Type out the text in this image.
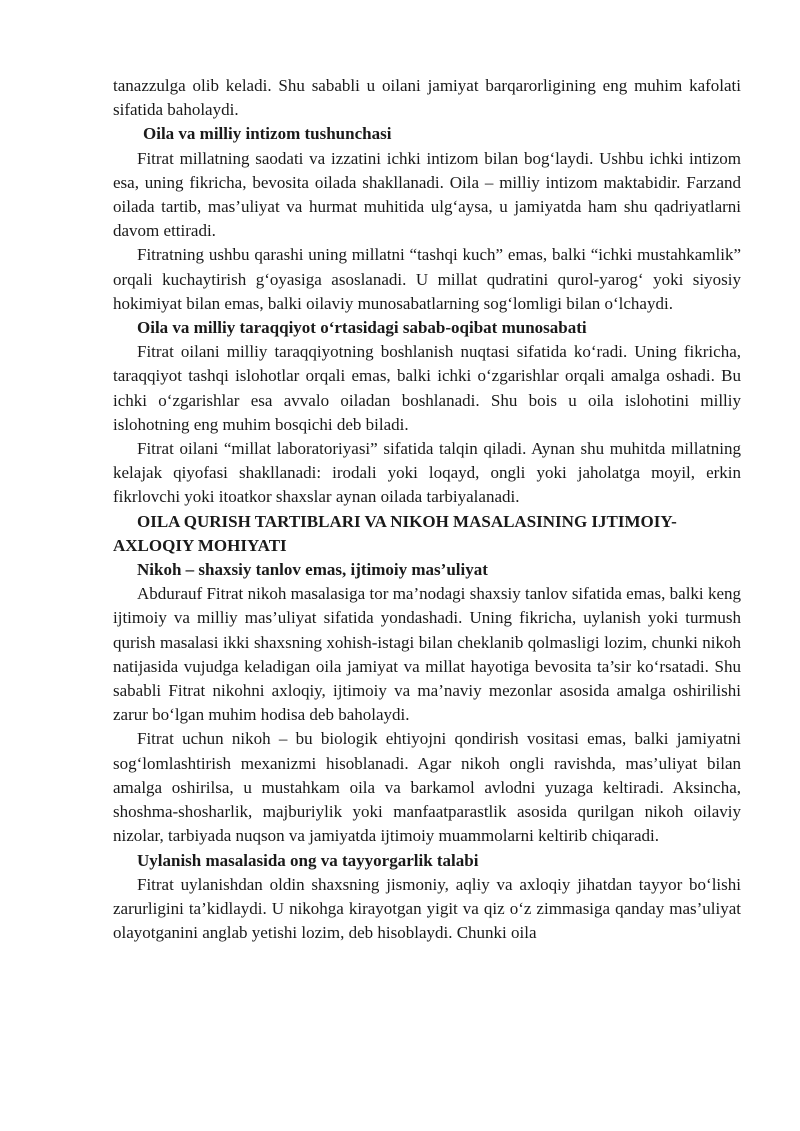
tanazzulga olib keladi. Shu sababli u oilani jamiyat barqarorligining eng muhim kafolati sifatida baholaydi.

Oila va milliy intizom tushunchasi

Fitrat millatning saodati va izzatini ichki intizom bilan bog‘laydi. Ushbu ichki intizom esa, uning fikricha, bevosita oilada shakllanadi. Oila – milliy intizom maktabidir. Farzand oilada tartib, mas’uliyat va hurmat muhitida ulg‘aysa, u jamiyatda ham shu qadriyatlarni davom ettiradi.

Fitratning ushbu qarashi uning millatni “tashqi kuch” emas, balki “ichki mustahkamlik” orqali kuchaytirish g‘oyasiga asoslanadi. U millat qudratini qurol-yarog‘ yoki siyosiy hokimiyat bilan emas, balki oilaviy munosabatlarning sog‘lomligi bilan o‘lchaydi.

Oila va milliy taraqqiyot o‘rtasidagi sabab-oqibat munosabati

Fitrat oilani milliy taraqqiyotning boshlanish nuqtasi sifatida ko‘radi. Uning fikricha, taraqqiyot tashqi islohotlar orqali emas, balki ichki o‘zgarishlar orqali amalga oshadi. Bu ichki o‘zgarishlar esa avvalo oiladan boshlanadi. Shu bois u oila islohotini milliy islohotning eng muhim bosqichi deb biladi.

Fitrat oilani “millat laboratoriyasi” sifatida talqin qiladi. Aynan shu muhitda millatning kelajak qiyofasi shakllanadi: irodali yoki loqayd, ongli yoki jaholatga moyil, erkin fikrlovchi yoki itoatkor shaxslar aynan oilada tarbiyalanadi.

OILA QURISH TARTIBLARI VA NIKOH MASALASINING IJTIMOIY-AXLOQIY MOHIYATI

Nikoh – shaxsiy tanlov emas, ijtimoiy mas’uliyat

Abdurauf Fitrat nikoh masalasiga tor ma’nodagi shaxsiy tanlov sifatida emas, balki keng ijtimoiy va milliy mas’uliyat sifatida yondashadi. Uning fikricha, uylanish yoki turmush qurish masalasi ikki shaxsning xohish-istagi bilan cheklanib qolmasligi lozim, chunki nikoh natijasida vujudga keladigan oila jamiyat va millat hayotiga bevosita ta’sir ko‘rsatadi. Shu sababli Fitrat nikohni axloqiy, ijtimoiy va ma’naviy mezonlar asosida amalga oshirilishi zarur bo‘lgan muhim hodisa deb baholaydi.

Fitrat uchun nikoh – bu biologik ehtiyojni qondirish vositasi emas, balki jamiyatni sog‘lomlashtirish mexanizmi hisoblanadi. Agar nikoh ongli ravishda, mas’uliyat bilan amalga oshirilsa, u mustahkam oila va barkamol avlodni yuzaga keltiradi. Aksincha, shoshma-shosharlik, majburiylik yoki manfaatparastlik asosida qurilgan nikoh oilaviy nizolar, tarbiyada nuqson va jamiyatda ijtimoiy muammolarni keltirib chiqaradi.

Uylanish masalasida ong va tayyorgarlik talabi

Fitrat uylanishdan oldin shaxsning jismoniy, aqliy va axloqiy jihatdan tayyor bo‘lishi zarurligini ta’kidlaydi. U nikohga kirayotgan yigit va qiz o‘z zimmasiga qanday mas’uliyat olayotganini anglab yetishi lozim, deb hisoblaydi. Chunki oila
